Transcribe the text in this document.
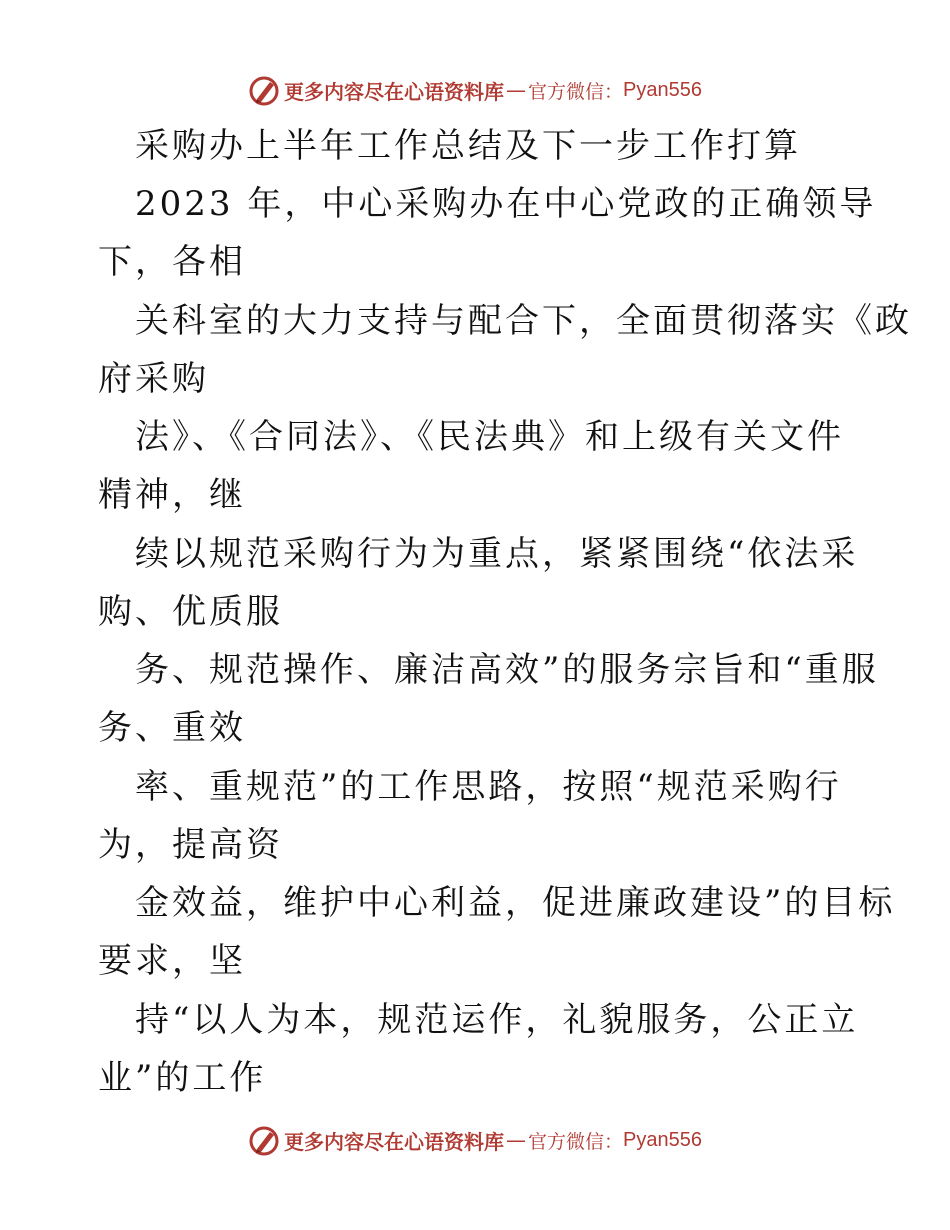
更多内容尽在心语资料库 — 官方微信： Pyan556
采购办上半年工作总结及下一步工作打算
2023 年，中心采购办在中心党政的正确领导
下，各相
关科室的大力支持与配合下，全面贯彻落实《政
府采购
法》、《合同法》、《民法典》和上级有关文件
精神，继
续以规范采购行为为重点，紧紧围绕“依法采
购、优质服
务、规范操作、廉洁高效”的服务宗旨和“重服
务、重效
率、重规范”的工作思路，按照“规范采购行
为，提高资
金效益，维护中心利益，促进廉政建设”的目标
要求，坚
持“以人为本，规范运作，礼貌服务，公正立
业”的工作
更多内容尽在心语资料库 — 官方微信： Pyan556
